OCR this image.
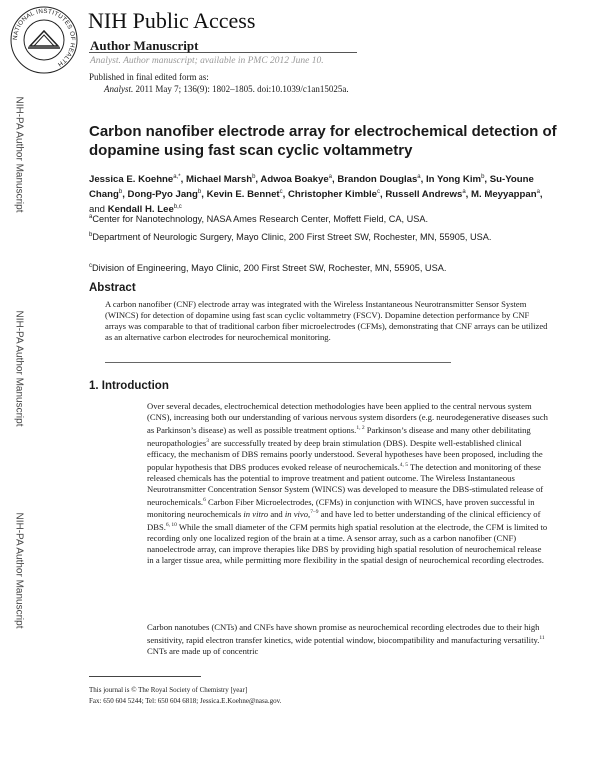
NATIONAL INSTITUTES OF HEALTH
NIH Public Access
Author Manuscript
Analyst. Author manuscript; available in PMC 2012 June 10.
Published in final edited form as:
Analyst. 2011 May 7; 136(9): 1802–1805. doi:10.1039/c1an15025a.
NIH-PA Author Manuscript
NIH-PA Author Manuscript
NIH-PA Author Manuscript
Carbon nanofiber electrode array for electrochemical detection of dopamine using fast scan cyclic voltammetry
Jessica E. Koehne$^{a,*}$, Michael Marsh$^b$, Adwoa Boakye$^a$, Brandon Douglas$^a$, In Yong Kim$^b$, Su-Youne Chang$^b$, Dong-Pyo Jang$^b$, Kevin E. Bennet$^c$, Christopher Kimble$^c$, Russell Andrews$^a$, M. Meyyappan$^a$, and Kendall H. Lee$^{b,c}$
$^a$Center for Nanotechnology, NASA Ames Research Center, Moffett Field, CA, USA.
$^b$Department of Neurologic Surgery, Mayo Clinic, 200 First Street SW, Rochester, MN, 55905, USA.
$^c$Division of Engineering, Mayo Clinic, 200 First Street SW, Rochester, MN, 55905, USA.
Abstract
A carbon nanofiber (CNF) electrode array was integrated with the Wireless Instantaneous Neurotransmitter Sensor System (WINCS) for detection of dopamine using fast scan cyclic voltammetry (FSCV). Dopamine detection performance by CNF arrays was comparable to that of traditional carbon fiber microelectrodes (CFMs), demonstrating that CNF arrays can be utilized as an alternative carbon electrodes for neurochemical monitoring.
1. Introduction
Over several decades, electrochemical detection methodologies have been applied to the central nervous system (CNS), increasing both our understanding of various nervous system disorders (e.g. neurodegenerative diseases such as Parkinson’s disease) as well as possible treatment options.$^{1, 2}$ Parkinson’s disease and many other debilitating neuropathologies$^3$ are successfully treated by deep brain stimulation (DBS). Despite well-established clinical efficacy, the mechanism of DBS remains poorly understood. Several hypotheses have been proposed, including the popular hypothesis that DBS produces evoked release of neurochemicals.$^{4, 5}$ The detection and monitoring of these released chemicals has the potential to improve treatment and patient outcome. The Wireless Instantaneous Neurotransmitter Concentration Sensor System (WINCS) was developed to measure the DBS-stimulated release of neurochemicals.$^6$ Carbon Fiber Microelectrodes, (CFMs) in conjunction with WINCS, have proven successful in monitoring neurochemicals in vitro and in vivo,$^{7-9}$ and have led to better understanding of the clinical efficiency of DBS.$^{6, 10}$ While the small diameter of the CFM permits high spatial resolution at the electrode, the CFM is limited to recording only one localized region of the brain at a time. A sensor array, such as a carbon nanofiber (CNF) nanoelectrode array, can improve therapies like DBS by providing high spatial resolution of neurochemical release in a larger tissue area, while permitting more flexibility in the spatial design of neurochemical recording electrodes.
Carbon nanotubes (CNTs) and CNFs have shown promise as neurochemical recording electrodes due to their high sensitivity, rapid electron transfer kinetics, wide potential window, biocompatibility and manufacturing versatility.$^{11}$ CNTs are made up of concentric
This journal is © The Royal Society of Chemistry [year]
Fax: 650 604 5244; Tel: 650 604 6818; Jessica.E.Koehne@nasa.gov.
